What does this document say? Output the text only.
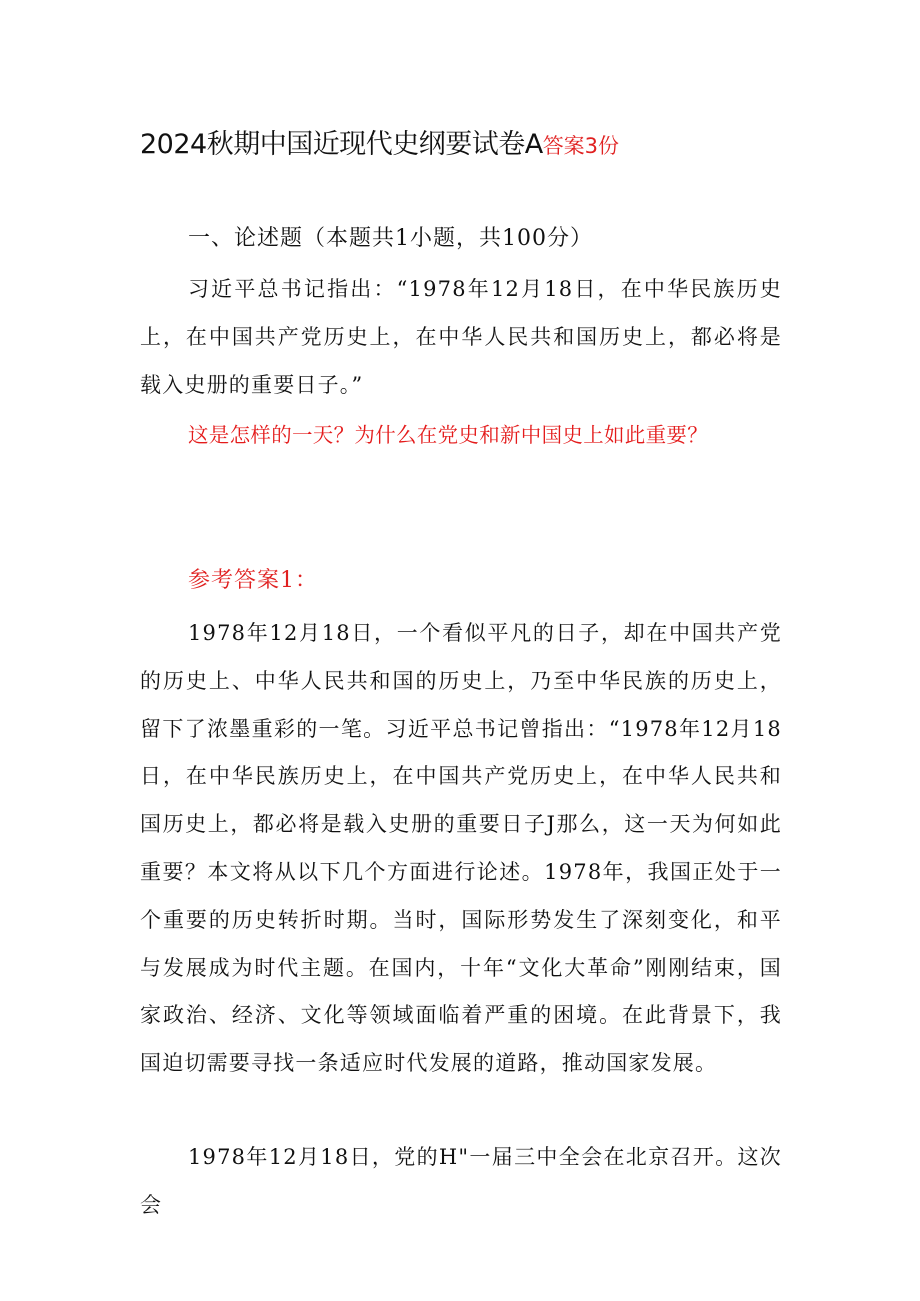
2024秋期中国近现代史纲要试卷A答案3份
一、论述题（本题共1小题，共100分）
习近平总书记指出：“1978年12月18日，在中华民族历史上，在中国共产党历史上，在中华人民共和国历史上，都必将是载入史册的重要日子。”
这是怎样的一天？为什么在党史和新中国史上如此重要？
参考答案1：
1978年12月18日，一个看似平凡的日子，却在中国共产党的历史上、中华人民共和国的历史上，乃至中华民族的历史上，留下了浓墨重彩的一笔。习近平总书记曾指出：“1978年12月18日，在中华民族历史上，在中国共产党历史上，在中华人民共和国历史上，都必将是载入史册的重要日子J那么，这一天为何如此重要？本文将从以下几个方面进行论述。1978年，我国正处于一个重要的历史转折时期。当时，国际形势发生了深刻变化，和平与发展成为时代主题。在国内，十年“文化大革命”刚刚结束，国家政治、经济、文化等领域面临着严重的困境。在此背景下，我国迫切需要寻找一条适应时代发展的道路，推动国家发展。
1978年12月18日，党的H"一届三中全会在北京召开。这次会
